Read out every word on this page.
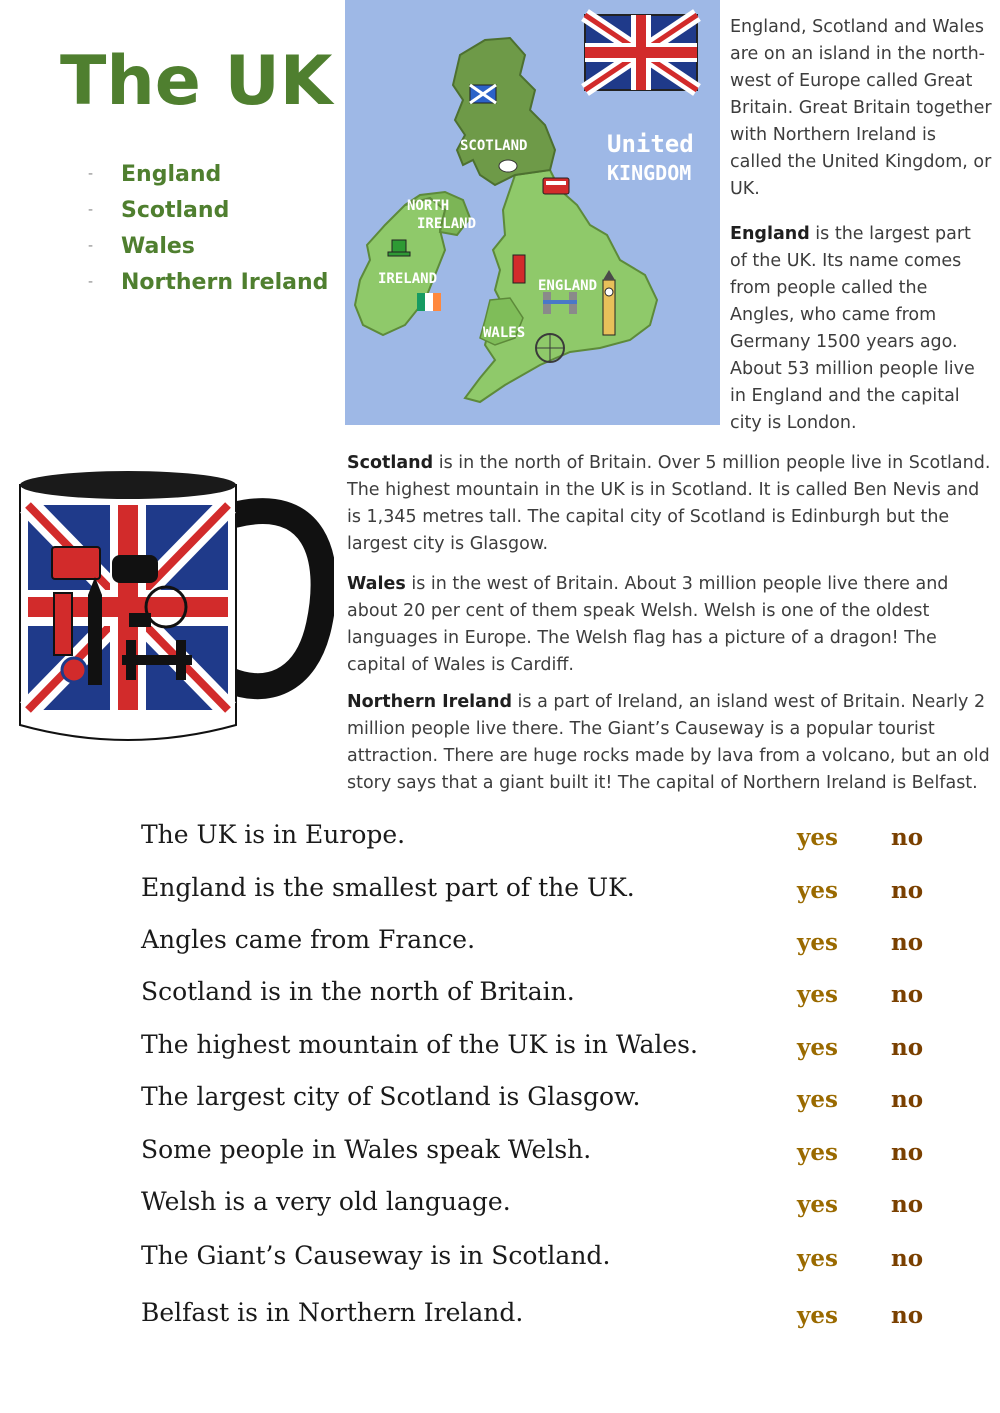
The UK
-	England
-	Scotland
-	Wales
-	Northern Ireland
SCOTLAND
NORTH
IRELAND
IRELAND	ENGLAND
WALES
United
KINGDOM
England, Scotland and Wales are on an island in the north-west of Europe called Great Britain. Great Britain together with Northern Ireland is called the United Kingdom, or UK.
England is the largest part of the UK. Its name comes from people called the Angles, who came from Germany 1500 years ago. About 53 million people live in England and the capital city is London.
Scotland is in the north of Britain. Over 5 million people live in Scotland. The highest mountain in the UK is in Scotland. It is called Ben Nevis and is 1,345 metres tall. The capital city of Scotland is Edinburgh but the largest city is Glasgow.
Wales is in the west of Britain. About 3 million people live there and about 20 per cent of them speak Welsh. Welsh is one of the oldest languages in Europe. The Welsh flag has a picture of a dragon! The capital of Wales is Cardiff.
Northern Ireland is a part of Ireland, an island west of Britain. Nearly 2 million people live there. The Giant’s Causeway is a popular tourist attraction. There are huge rocks made by lava from a volcano, but an old story says that a giant built it! The capital of Northern Ireland is Belfast.
The UK is in Europe.	yes no
England is the smallest part of the UK.	yes no
Angles came from France.	yes no
Scotland is in the north of Britain.	yes no
The highest mountain of the UK is in Wales.	yes no
The largest city of Scotland is Glasgow.	yes no
Some people in Wales speak Welsh.	yes no
Welsh is a very old language.	yes no
The Giant’s Causeway is in Scotland.	yes no
Belfast is in Northern Ireland.	yes no
